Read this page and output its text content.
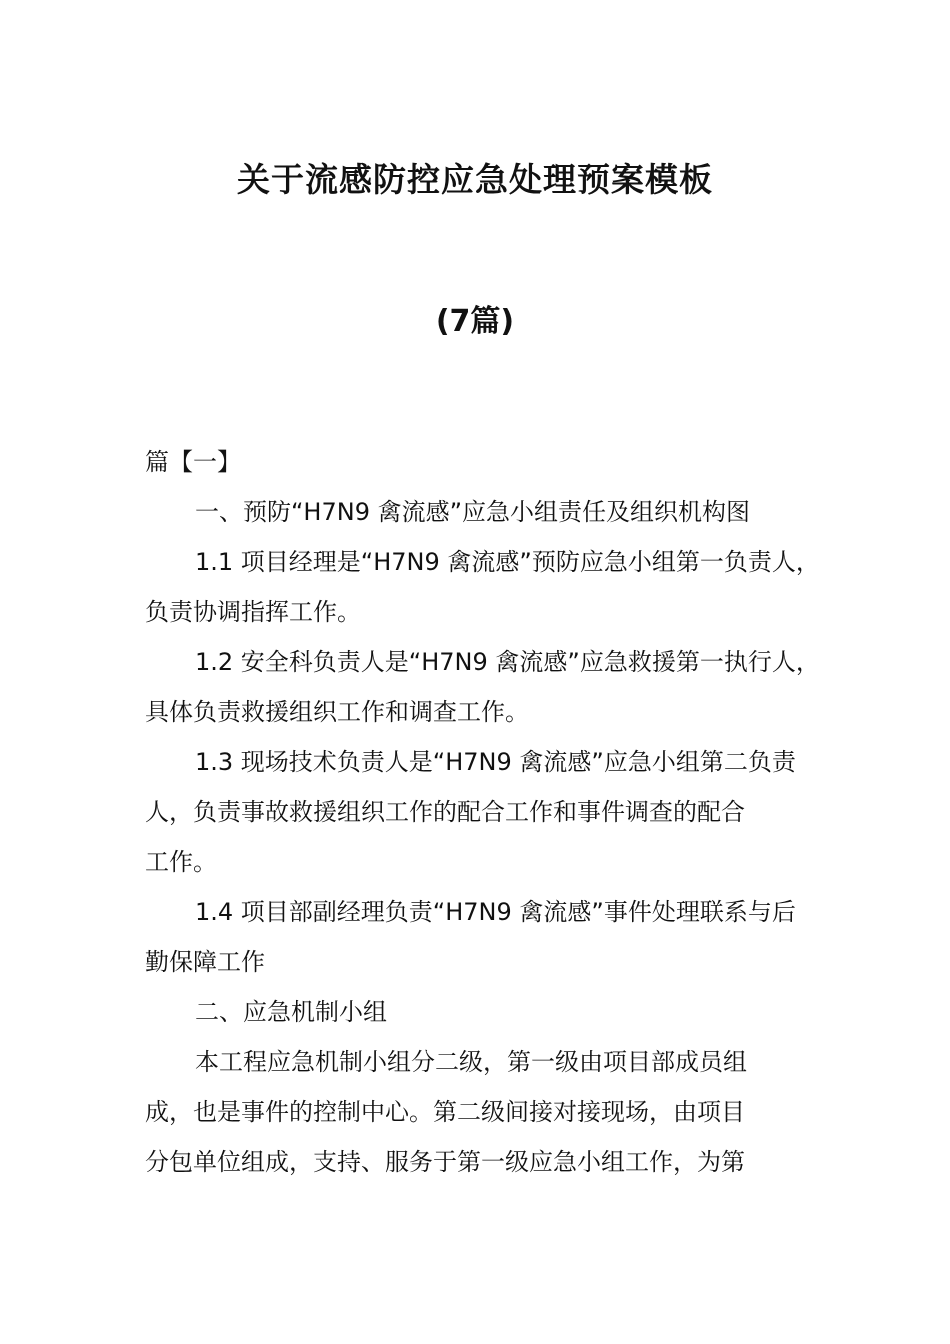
关于流感防控应急处理预案模板
(7篇)
篇【一】
一、预防“H7N9 禽流感”应急小组责任及组织机构图
1.1 项目经理是“H7N9 禽流感”预防应急小组第一负责人，
负责协调指挥工作。
1.2 安全科负责人是“H7N9 禽流感”应急救援第一执行人，
具体负责救援组织工作和调查工作。
1.3 现场技术负责人是“H7N9 禽流感”应急小组第二负责
人，负责事故救援组织工作的配合工作和事件调查的配合
工作。
1.4 项目部副经理负责“H7N9 禽流感”事件处理联系与后
勤保障工作
二、应急机制小组
本工程应急机制小组分二级，第一级由项目部成员组
成，也是事件的控制中心。第二级间接对接现场，由项目
分包单位组成，支持、服务于第一级应急小组工作，为第
